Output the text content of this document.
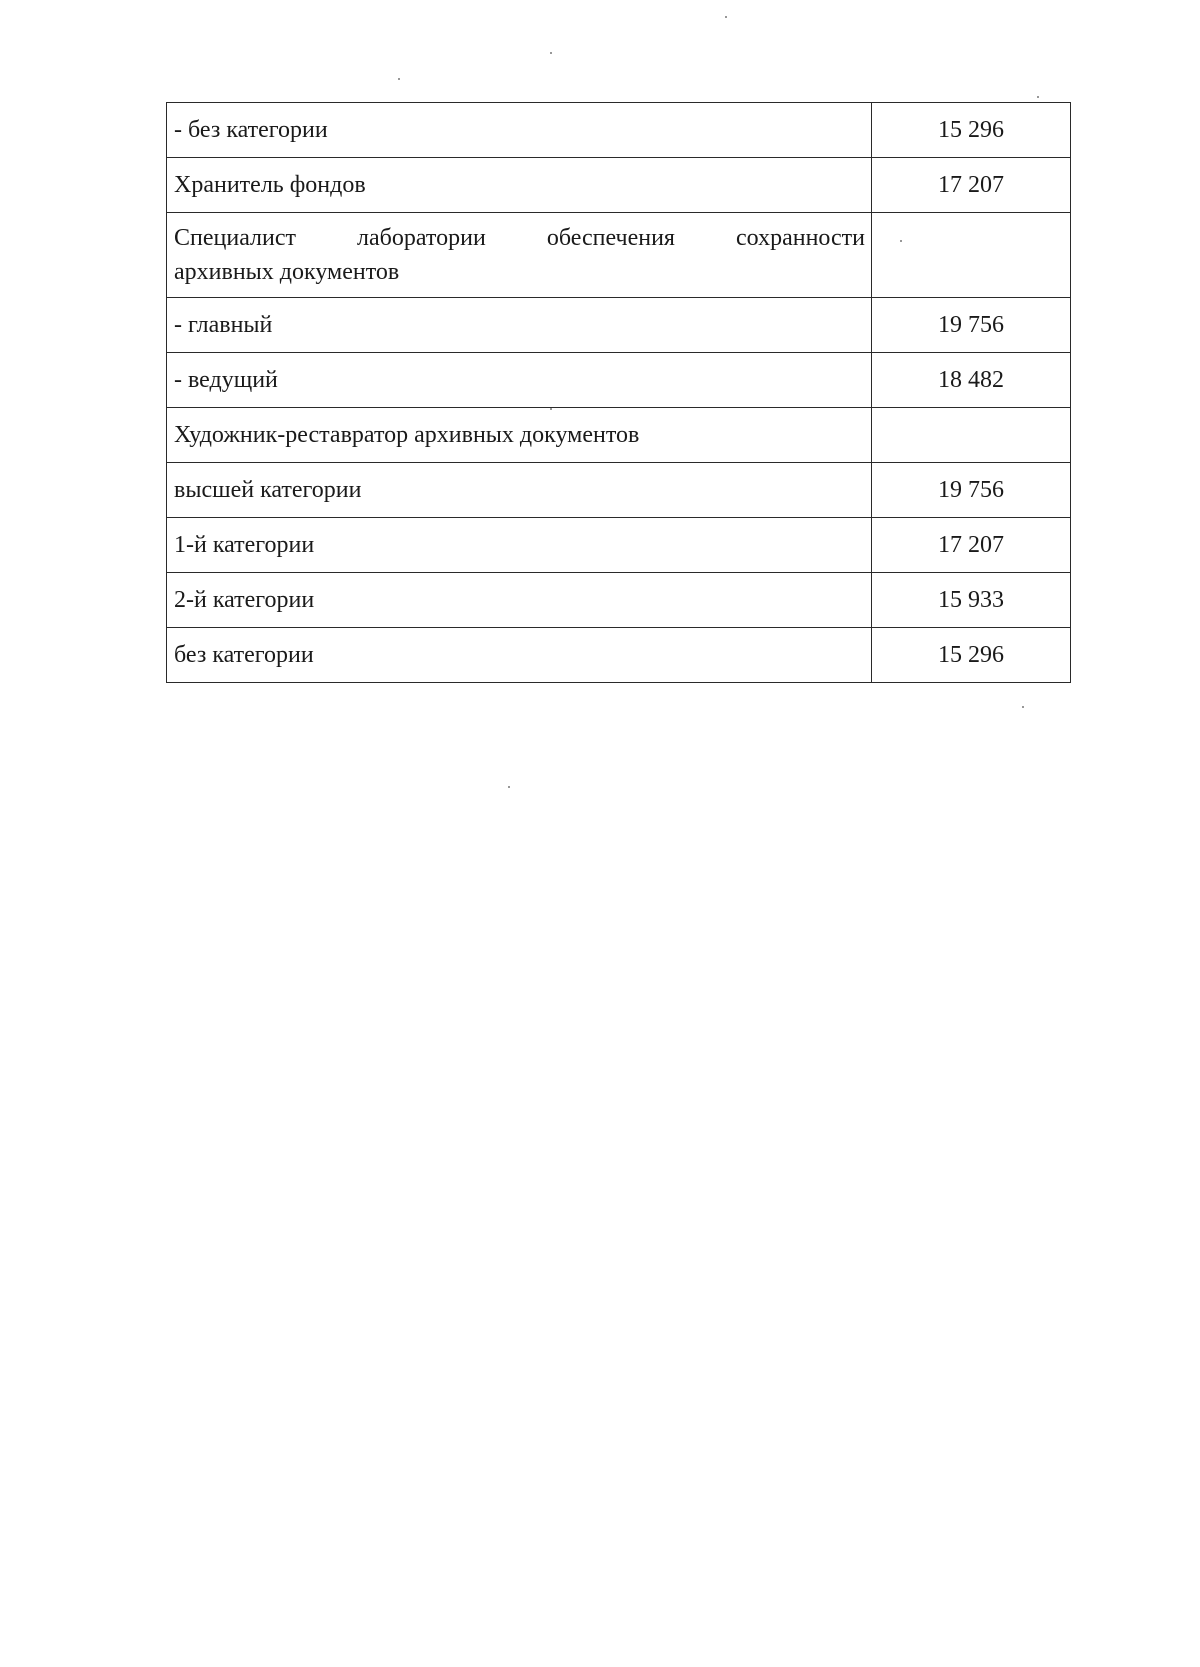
- без категории	15 296
Хранитель фондов	17 207

Специалист лаборатории обеспечения сохранности
архивных документов	
- главный	19 756
- ведущий	18 482
Художник-реставратор архивных документов	
высшей категории	19 756
1-й категории	17 207
2-й категории	15 933
без категории	15 296
